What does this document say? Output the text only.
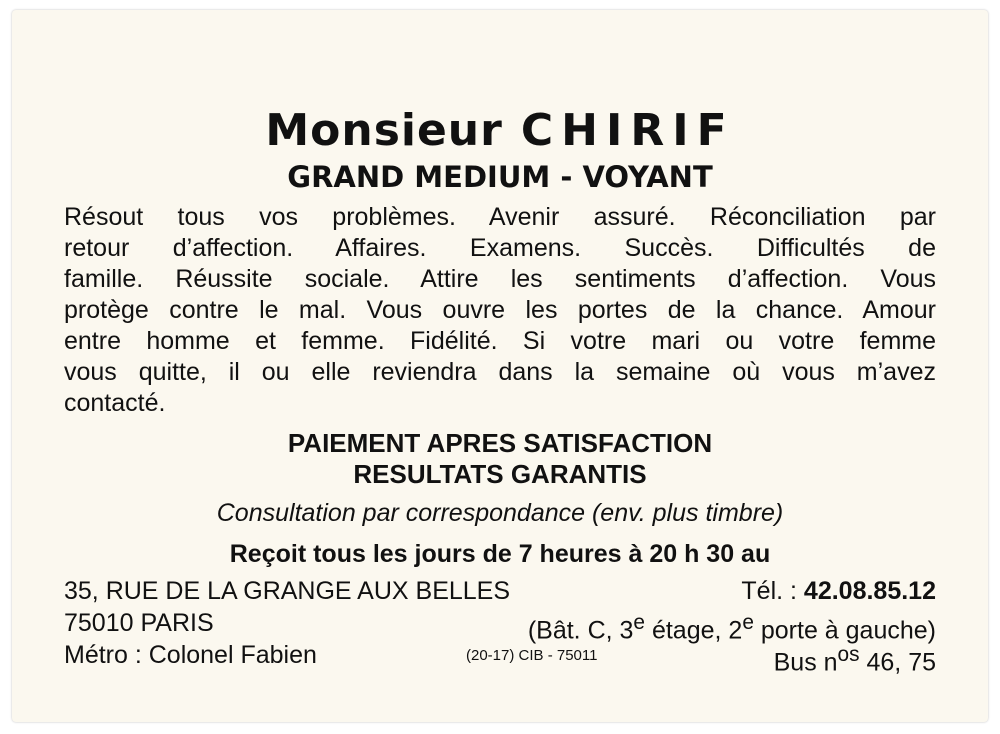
Monsieur CHIRIF
GRAND MEDIUM - VOYANT
Résout tous vos problèmes. Avenir assuré. Réconciliation par
retour d’affection. Affaires. Examens. Succès. Difficultés de
famille. Réussite sociale. Attire les sentiments d’affection. Vous
protège contre le mal. Vous ouvre les portes de la chance. Amour
entre homme et femme. Fidélité. Si votre mari ou votre femme
vous quitte, il ou elle reviendra dans la semaine où vous m’avez
contacté.
PAIEMENT APRES SATISFACTION
RESULTATS GARANTIS
Consultation par correspondance (env. plus timbre)
Reçoit tous les jours de 7 heures à 20 h 30 au
35, RUE DE LA GRANGE AUX BELLES	Tél. : 42.08.85.12
75010 PARIS	(Bât. C, 3e étage, 2e porte à gauche)
Métro : Colonel Fabien	(20-17) CIB - 75011	Bus $n^{os}$ 46, 75
